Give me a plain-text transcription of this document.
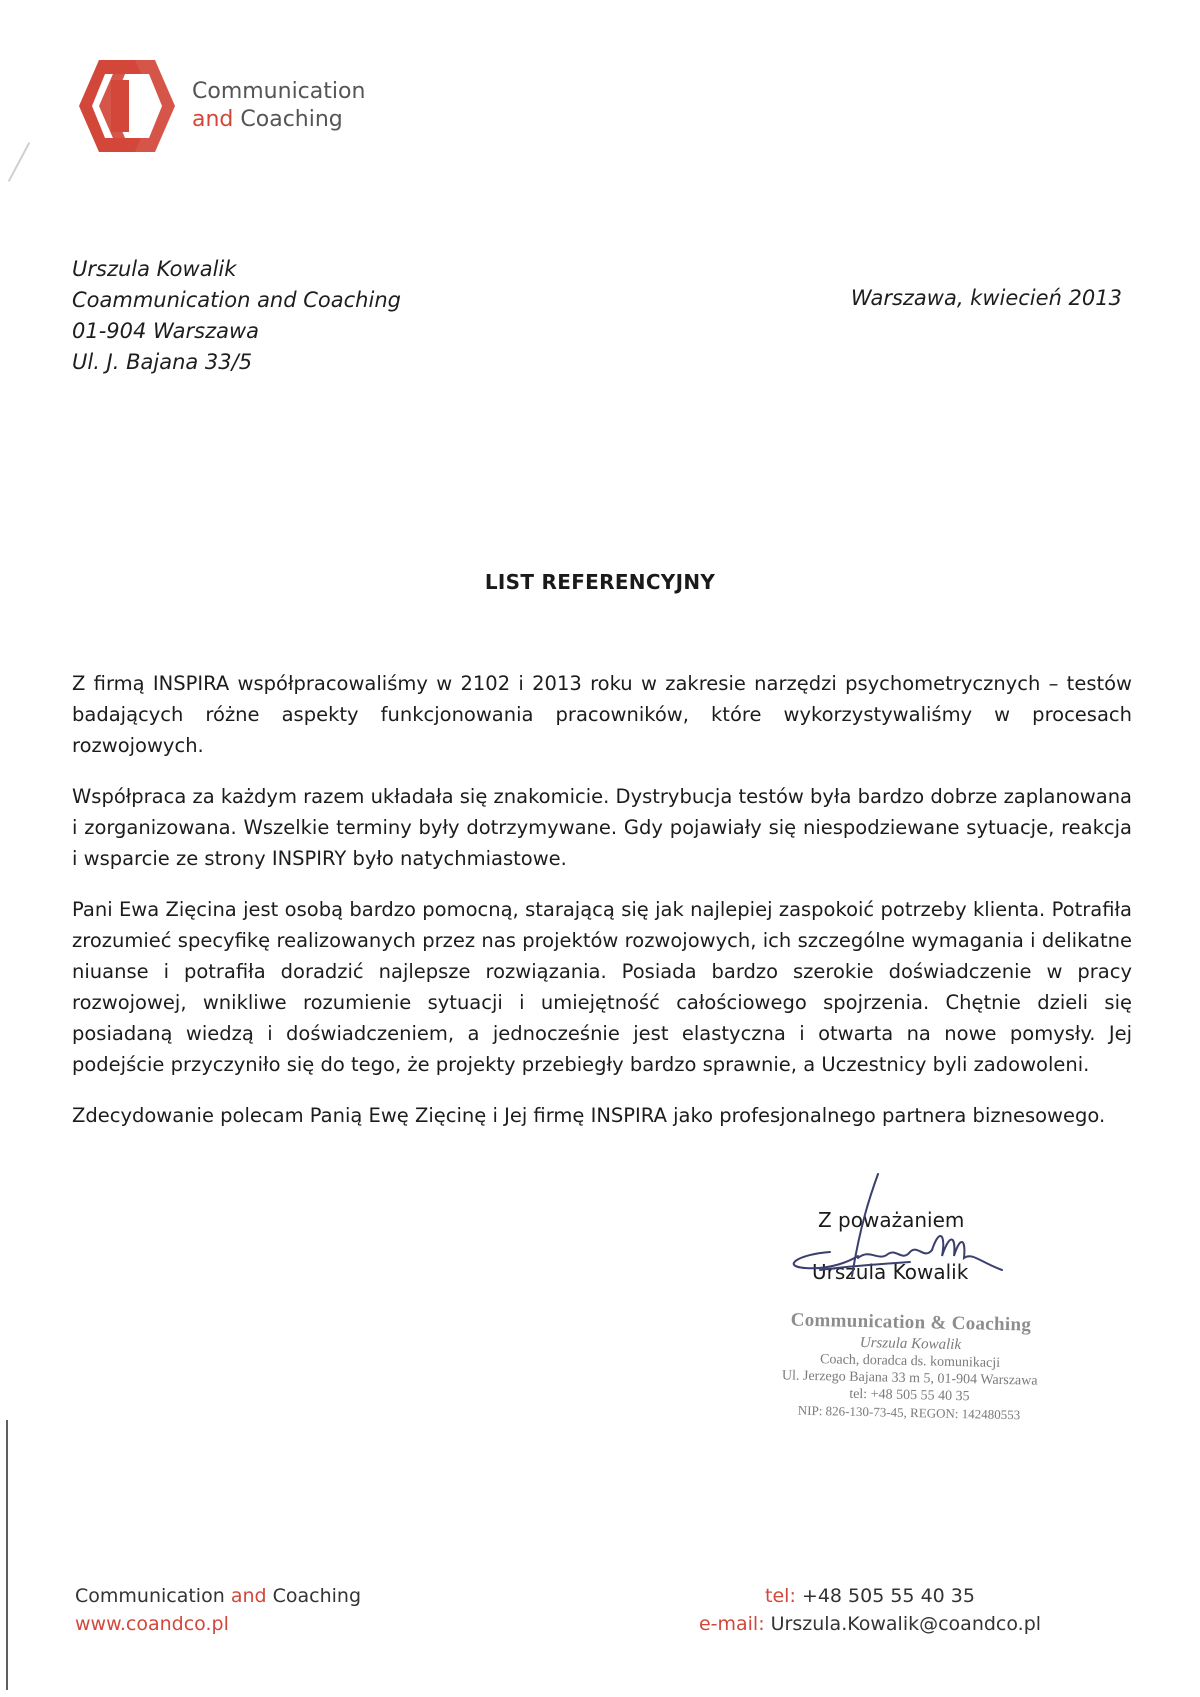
Communication
and Coaching
Urszula Kowalik
Coammunication and Coaching
01-904 Warszawa
Ul. J. Bajana 33/5
Warszawa, kwiecień 2013
LIST REFERENCYJNY

Z firmą INSPIRA współpracowaliśmy w 2102 i 2013 roku w zakresie narzędzi psychometrycznych – testów badających różne aspekty funkcjonowania pracowników, które wykorzystywaliśmy w procesach rozwojowych.

Współpraca za każdym razem układała się znakomicie. Dystrybucja testów była bardzo dobrze zaplanowana i zorganizowana. Wszelkie terminy były dotrzymywane. Gdy pojawiały się niespodziewane sytuacje, reakcja i wsparcie ze strony INSPIRY było natychmiastowe.

Pani Ewa Zięcina jest osobą bardzo pomocną, starającą się jak najlepiej zaspokoić potrzeby klienta. Potrafiła zrozumieć specyfikę realizowanych przez nas projektów rozwojowych, ich szczególne wymagania i delikatne niuanse i potrafiła doradzić najlepsze rozwiązania. Posiada bardzo szerokie doświadczenie w pracy rozwojowej, wnikliwe rozumienie sytuacji i umiejętność całościowego spojrzenia. Chętnie dzieli się posiadaną wiedzą i doświadczeniem, a jednocześnie jest elastyczna i otwarta na nowe pomysły. Jej podejście przyczyniło się do tego, że projekty przebiegły bardzo sprawnie, a Uczestnicy byli zadowoleni.

Zdecydowanie polecam Panią Ewę Zięcinę i Jej firmę INSPIRA jako profesjonalnego partnera biznesowego.

Z poważaniem
Urszula Kowalik
Communication & Coaching
Urszula Kowalik
Coach, doradca ds. komunikacji
Ul. Jerzego Bajana 33 m 5, 01-904 Warszawa
tel: +48 505 55 40 35
NIP: 826-130-73-45, REGON: 142480553
Communication and Coaching
www.coandco.pl
tel: +48 505 55 40 35
e-mail: Urszula.Kowalik@coandco.pl
